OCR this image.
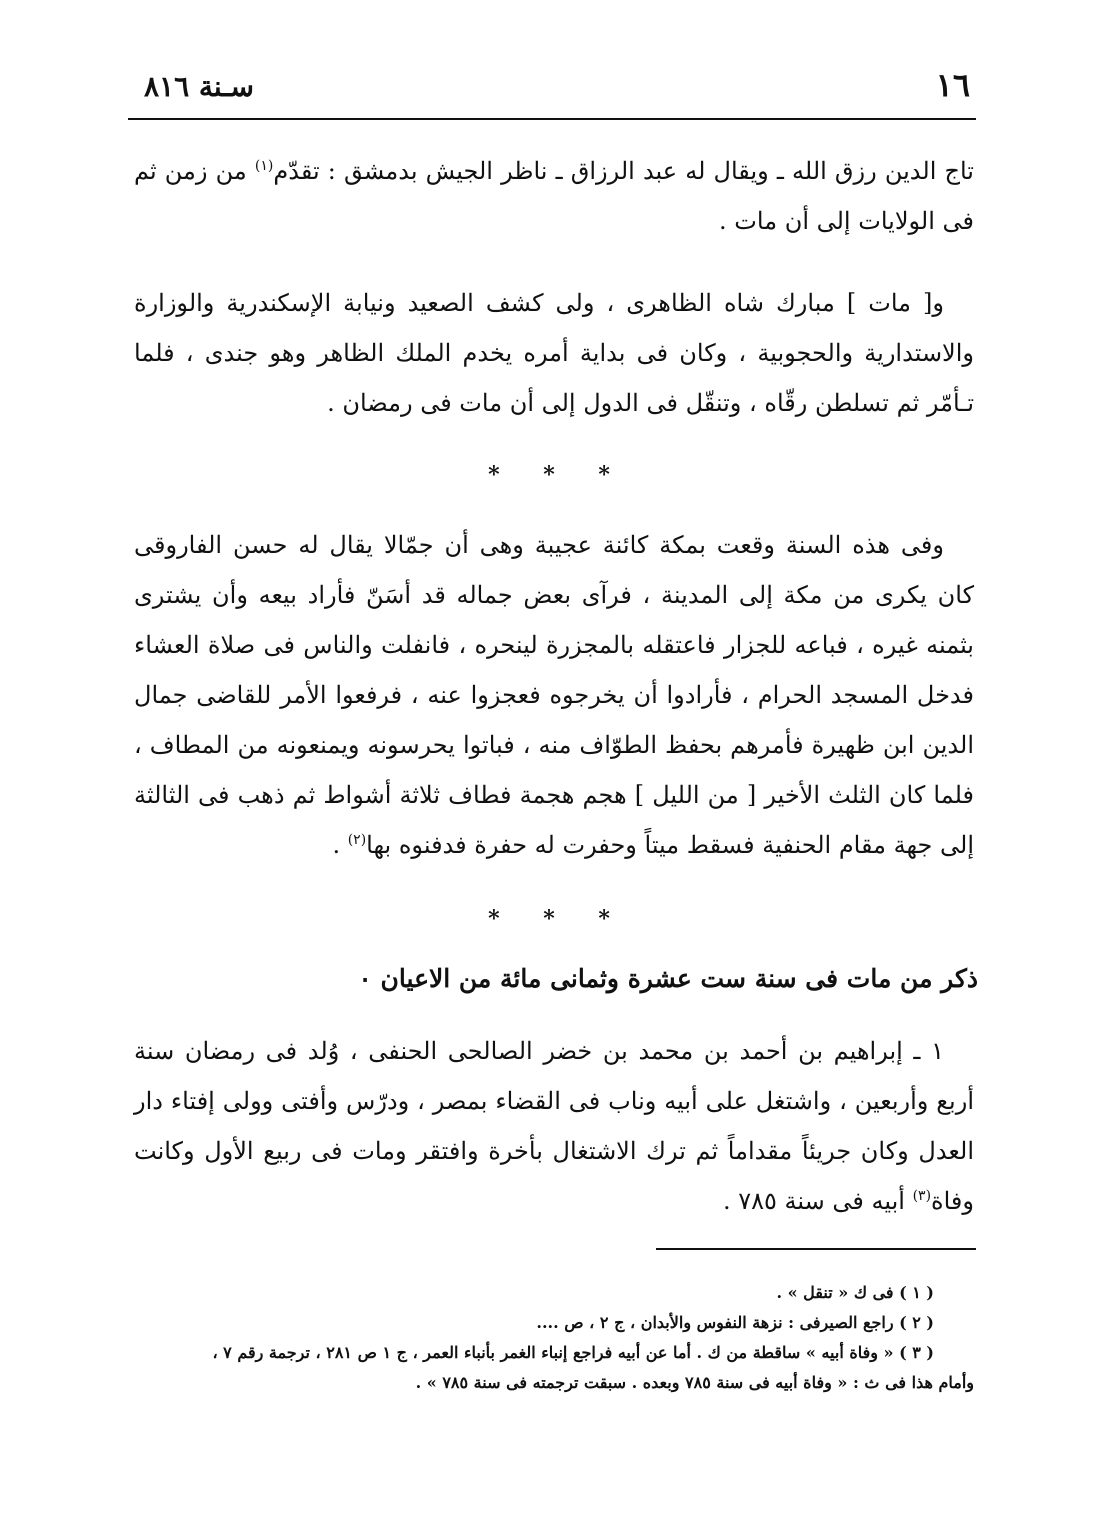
١٦
سـنة ٨١٦
تاج الدين رزق الله ـ ويقال له عبد الرزاق ـ ناظر الجيش بدمشق : تقدّم$^{(١)}$ من زمن ثم فى الولايات إلى أن مات .
و[ مات ] مبارك شاه الظاهرى ، ولى كشف الصعيد ونيابة الإسكندرية والوزارة والاستدارية والحجوبية ، وكان فى بداية أمره يخدم الملك الظاهر وهو جندى ، فلما تـأمّر ثم تسلطن رقّاه ، وتنقّل فى الدول إلى أن مات فى رمضان .
* * *
وفى هذه السنة وقعت بمكة كائنة عجيبة وهى أن جمّالا يقال له حسن الفاروقى كان يكرى من مكة إلى المدينة ، فرآى بعض جماله قد أسَنّ فأراد بيعه وأن يشترى بثمنه غيره ، فباعه للجزار فاعتقله بالمجزرة لينحره ، فانفلت والناس فى صلاة العشاء فدخل المسجد الحرام ، فأرادوا أن يخرجوه فعجزوا عنه ، فرفعوا الأمر للقاضى جمال الدين ابن ظهيرة فأمرهم بحفظ الطوّاف منه ، فباتوا يحرسونه ويمنعونه من المطاف ، فلما كان الثلث الأخير [ من الليل ] هجم هجمة فطاف ثلاثة أشواط ثم ذهب فى الثالثة إلى جهة مقام الحنفية فسقط ميتاً وحفرت له حفرة فدفنوه بها$^{(٢)}$ .
* * *
ذكر من مات فى سنة ست عشرة وثمانى مائة من الاعيان ٠
١ ـ إبراهيم بن أحمد بن محمد بن خضر الصالحى الحنفى ، وُلد فى رمضان سنة أربع وأربعين ، واشتغل على أبيه وناب فى القضاء بمصر ، ودرّس وأفتى وولى إفتاء دار العدل وكان جريئاً مقداماً ثم ترك الاشتغال بأخرة وافتقر ومات فى ربيع الأول وكانت وفاة$^{(٣)}$ أبيه فى سنة ٧٨٥ .

( ١ ) فى ك « تنقل » .

( ٢ ) راجع الصيرفى : نزهة النفوس والأبدان ، ج ٢ ، ص ....

( ٣ ) « وفاة أبيه » ساقطة من ك . أما عن أبيه فراجع إنباء الغمر بأنباء العمر ، ج ١ ص ٢٨١ ، ترجمة رقم ٧ ،

وأمام هذا فى ث : « وفاة أبيه فى سنة ٧٨٥ وبعده . سبقت ترجمته فى سنة ٧٨٥ » .
